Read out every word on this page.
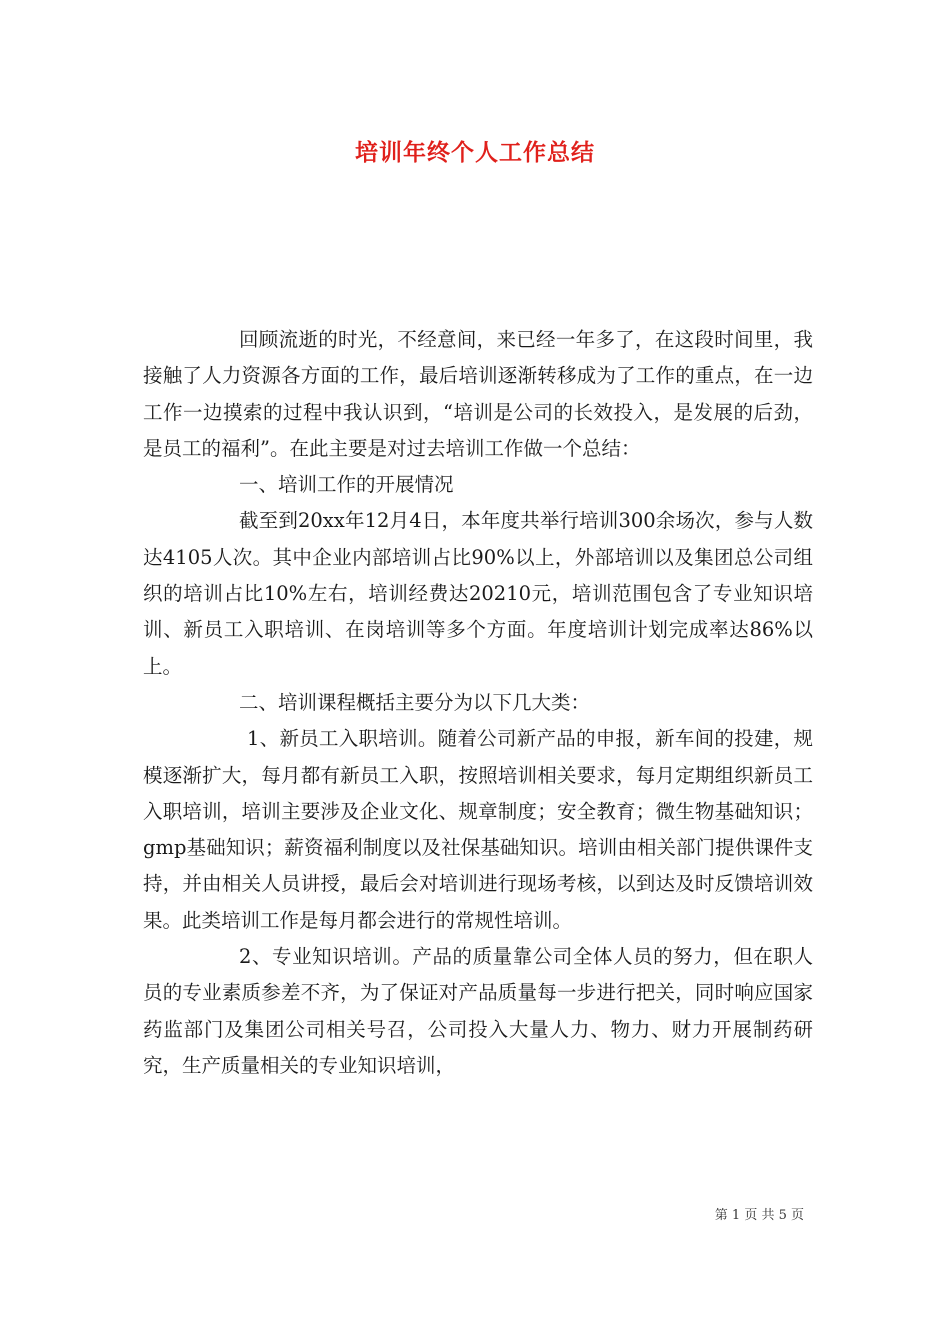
培训年终个人工作总结

回顾流逝的时光，不经意间，来已经一年多了，在这段时间里，我接触了人力资源各方面的工作，最后培训逐渐转移成为了工作的重点，在一边工作一边摸索的过程中我认识到，“培训是公司的长效投入，是发展的后劲，是员工的福利”。在此主要是对过去培训工作做一个总结：

一、培训工作的开展情况

截至到20xx年12月4日，本年度共举行培训300余场次，参与人数达4105人次。其中企业内部培训占比90%以上，外部培训以及集团总公司组织的培训占比10%左右，培训经费达20210元，培训范围包含了专业知识培训、新员工入职培训、在岗培训等多个方面。年度培训计划完成率达86%以上。

二、培训课程概括主要分为以下几大类：

1、新员工入职培训。随着公司新产品的申报，新车间的投建，规模逐渐扩大，每月都有新员工入职，按照培训相关要求，每月定期组织新员工入职培训，培训主要涉及企业文化、规章制度；安全教育；微生物基础知识；gmp基础知识；薪资福利制度以及社保基础知识。培训由相关部门提供课件支持，并由相关人员讲授，最后会对培训进行现场考核，以到达及时反馈培训效果。此类培训工作是每月都会进行的常规性培训。

2、专业知识培训。产品的质量靠公司全体人员的努力，但在职人员的专业素质参差不齐，为了保证对产品质量每一步进行把关，同时响应国家药监部门及集团公司相关号召，公司投入大量人力、物力、财力开展制药研究，生产质量相关的专业知识培训，

第 1 页 共 5 页
